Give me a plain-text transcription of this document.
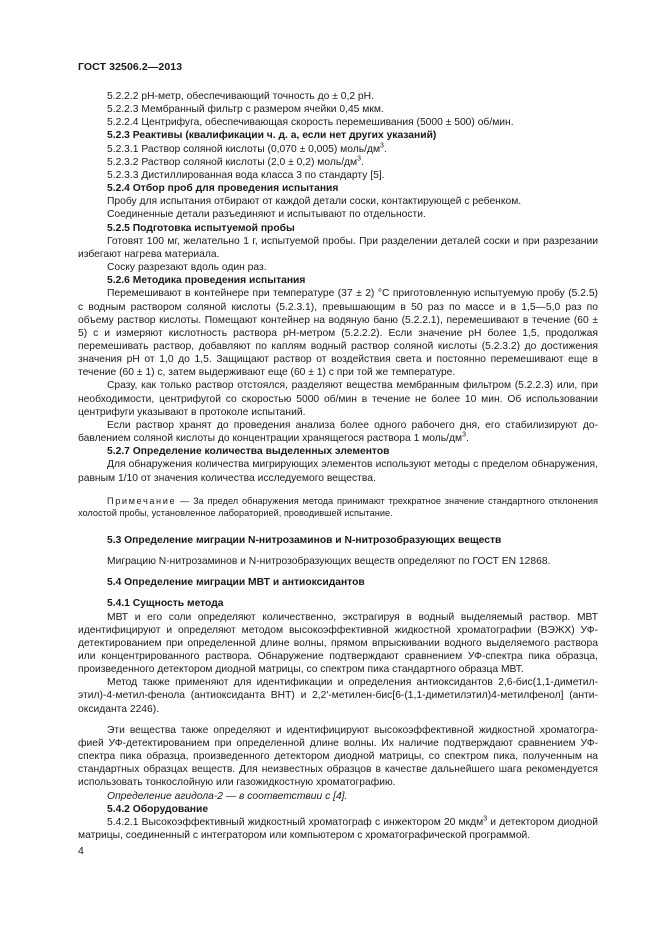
ГОСТ 32506.2—2013

5.2.2.2 pH-метр, обеспечивающий точность до ± 0,2 pH.

5.2.2.3 Мембранный фильтр с размером ячейки 0,45 мкм.

5.2.2.4 Центрифуга, обеспечивающая скорость перемешивания (5000 ± 500) об/мин.

5.2.3 Реактивы (квалификации ч. д. а, если нет других указаний)

5.2.3.1 Раствор соляной кислоты (0,070 ± 0,005) моль/$дм^3$.

5.2.3.2 Раствор соляной кислоты (2,0 ± 0,2) моль/$дм^3$.

5.2.3.3 Дистиллированная вода класса 3 по стандарту [5].

5.2.4 Отбор проб для проведения испытания

Пробу для испытания отбирают от каждой детали соски, контактирующей с ребенком.

Соединенные детали разъединяют и испытывают по отдельности.

5.2.5 Подготовка испытуемой пробы

Готовят 100 мг, желательно 1 г, испытуемой пробы. При разделении деталей соски и при разрезании избегают нагрева материала.

Соску разрезают вдоль один раз.

5.2.6 Методика проведения испытания

Перемешивают в контейнере при температуре (37 ± 2) °С приготовленную испытуемую пробу (5.2.5) с водным раствором соляной кислоты (5.2.3.1), превышающим в 50 раз по массе и в 1,5—5,0 раз по объему раствор кислоты. Помещают контейнер на водяную баню (5.2.2.1), перемешивают в течение (60 ± 5) с и измеряют кислотность раствора pH-метром (5.2.2.2). Если значение pH более 1,5, продолжая перемешивать раствор, добавляют по каплям водный раствор соляной кислоты (5.2.3.2) до достижения значения pH от 1,0 до 1,5. Защищают раствор от воздействия света и постоянно перемешивают еще в течение (60 ± 1) с, затем выдерживают еще (60 ± 1) с при той же температуре.

Сразу, как только раствор отстоялся, разделяют вещества мембранным фильтром (5.2.2.3) или, при необходимости, центрифугой со скоростью 5000 об/мин в течение не более 10 мин. Об использовании центрифуги указывают в протоколе испытаний.

Если раствор хранят до проведения анализа более одного рабочего дня, его стабилизируют добавлением соляной кислоты до концентрации хранящегося раствора 1 моль/$дм^3$.

5.2.7 Определение количества выделенных элементов

Для обнаружения количества мигрирующих элементов используют методы с пределом обнаружения, равным 1/10 от значения количества исследуемого вещества.

Примечание — За предел обнаружения метода принимают трехкратное значение стандартного отклонения холостой пробы, установленное лабораторией, проводившей испытание.

5.3 Определение миграции N-нитрозаминов и N-нитрозобразующих веществ

Миграцию N-нитрозаминов и N-нитрозобразующих веществ определяют по ГОСТ EN 12868.

5.4 Определение миграции МВТ и антиоксидантов

5.4.1 Сущность метода

МВТ и его соли определяют количественно, экстрагируя в водный выделяемый раствор. МВТ идентифицируют и определяют методом высокоэффективной жидкостной хроматографии (ВЭЖХ) УФ-детектированием при определенной длине волны, прямом впрыскивании водного выделяемого раствора или концентрированного раствора. Обнаружение подтверждают сравнением УФ-спектра пика образца, произведенного детектором диодной матрицы, со спектром пика стандартного образца МВТ.

Метод также применяют для идентификации и определения антиоксидантов 2,6-бис(1,1-диметилэтил)-4-метил-фенола (антиоксиданта ВНТ) и 2,2′-метилен-бис[6-(1,1-диметилэтил)4-метилфенол] (антиоксиданта 2246).

Эти вещества также определяют и идентифицируют высокоэффективной жидкостной хроматографией УФ-детектированием при определенной длине волны. Их наличие подтверждают сравнением УФ-спектра пика образца, произведенного детектором диодной матрицы, со спектром пика, полученным на стандартных образцах веществ. Для неизвестных образцов в качестве дальнейшего шага рекомендуется использовать тонкослойную или газожидкостную хроматографию.

Определение агидола-2 — в соответствии с [4].

5.4.2 Оборудование

5.4.2.1 Высокоэффективный жидкостный хроматограф с инжектором 20 мкдм$^3$ и детектором диодной матрицы, соединенный с интегратором или компьютером с хроматографической программой.

4
